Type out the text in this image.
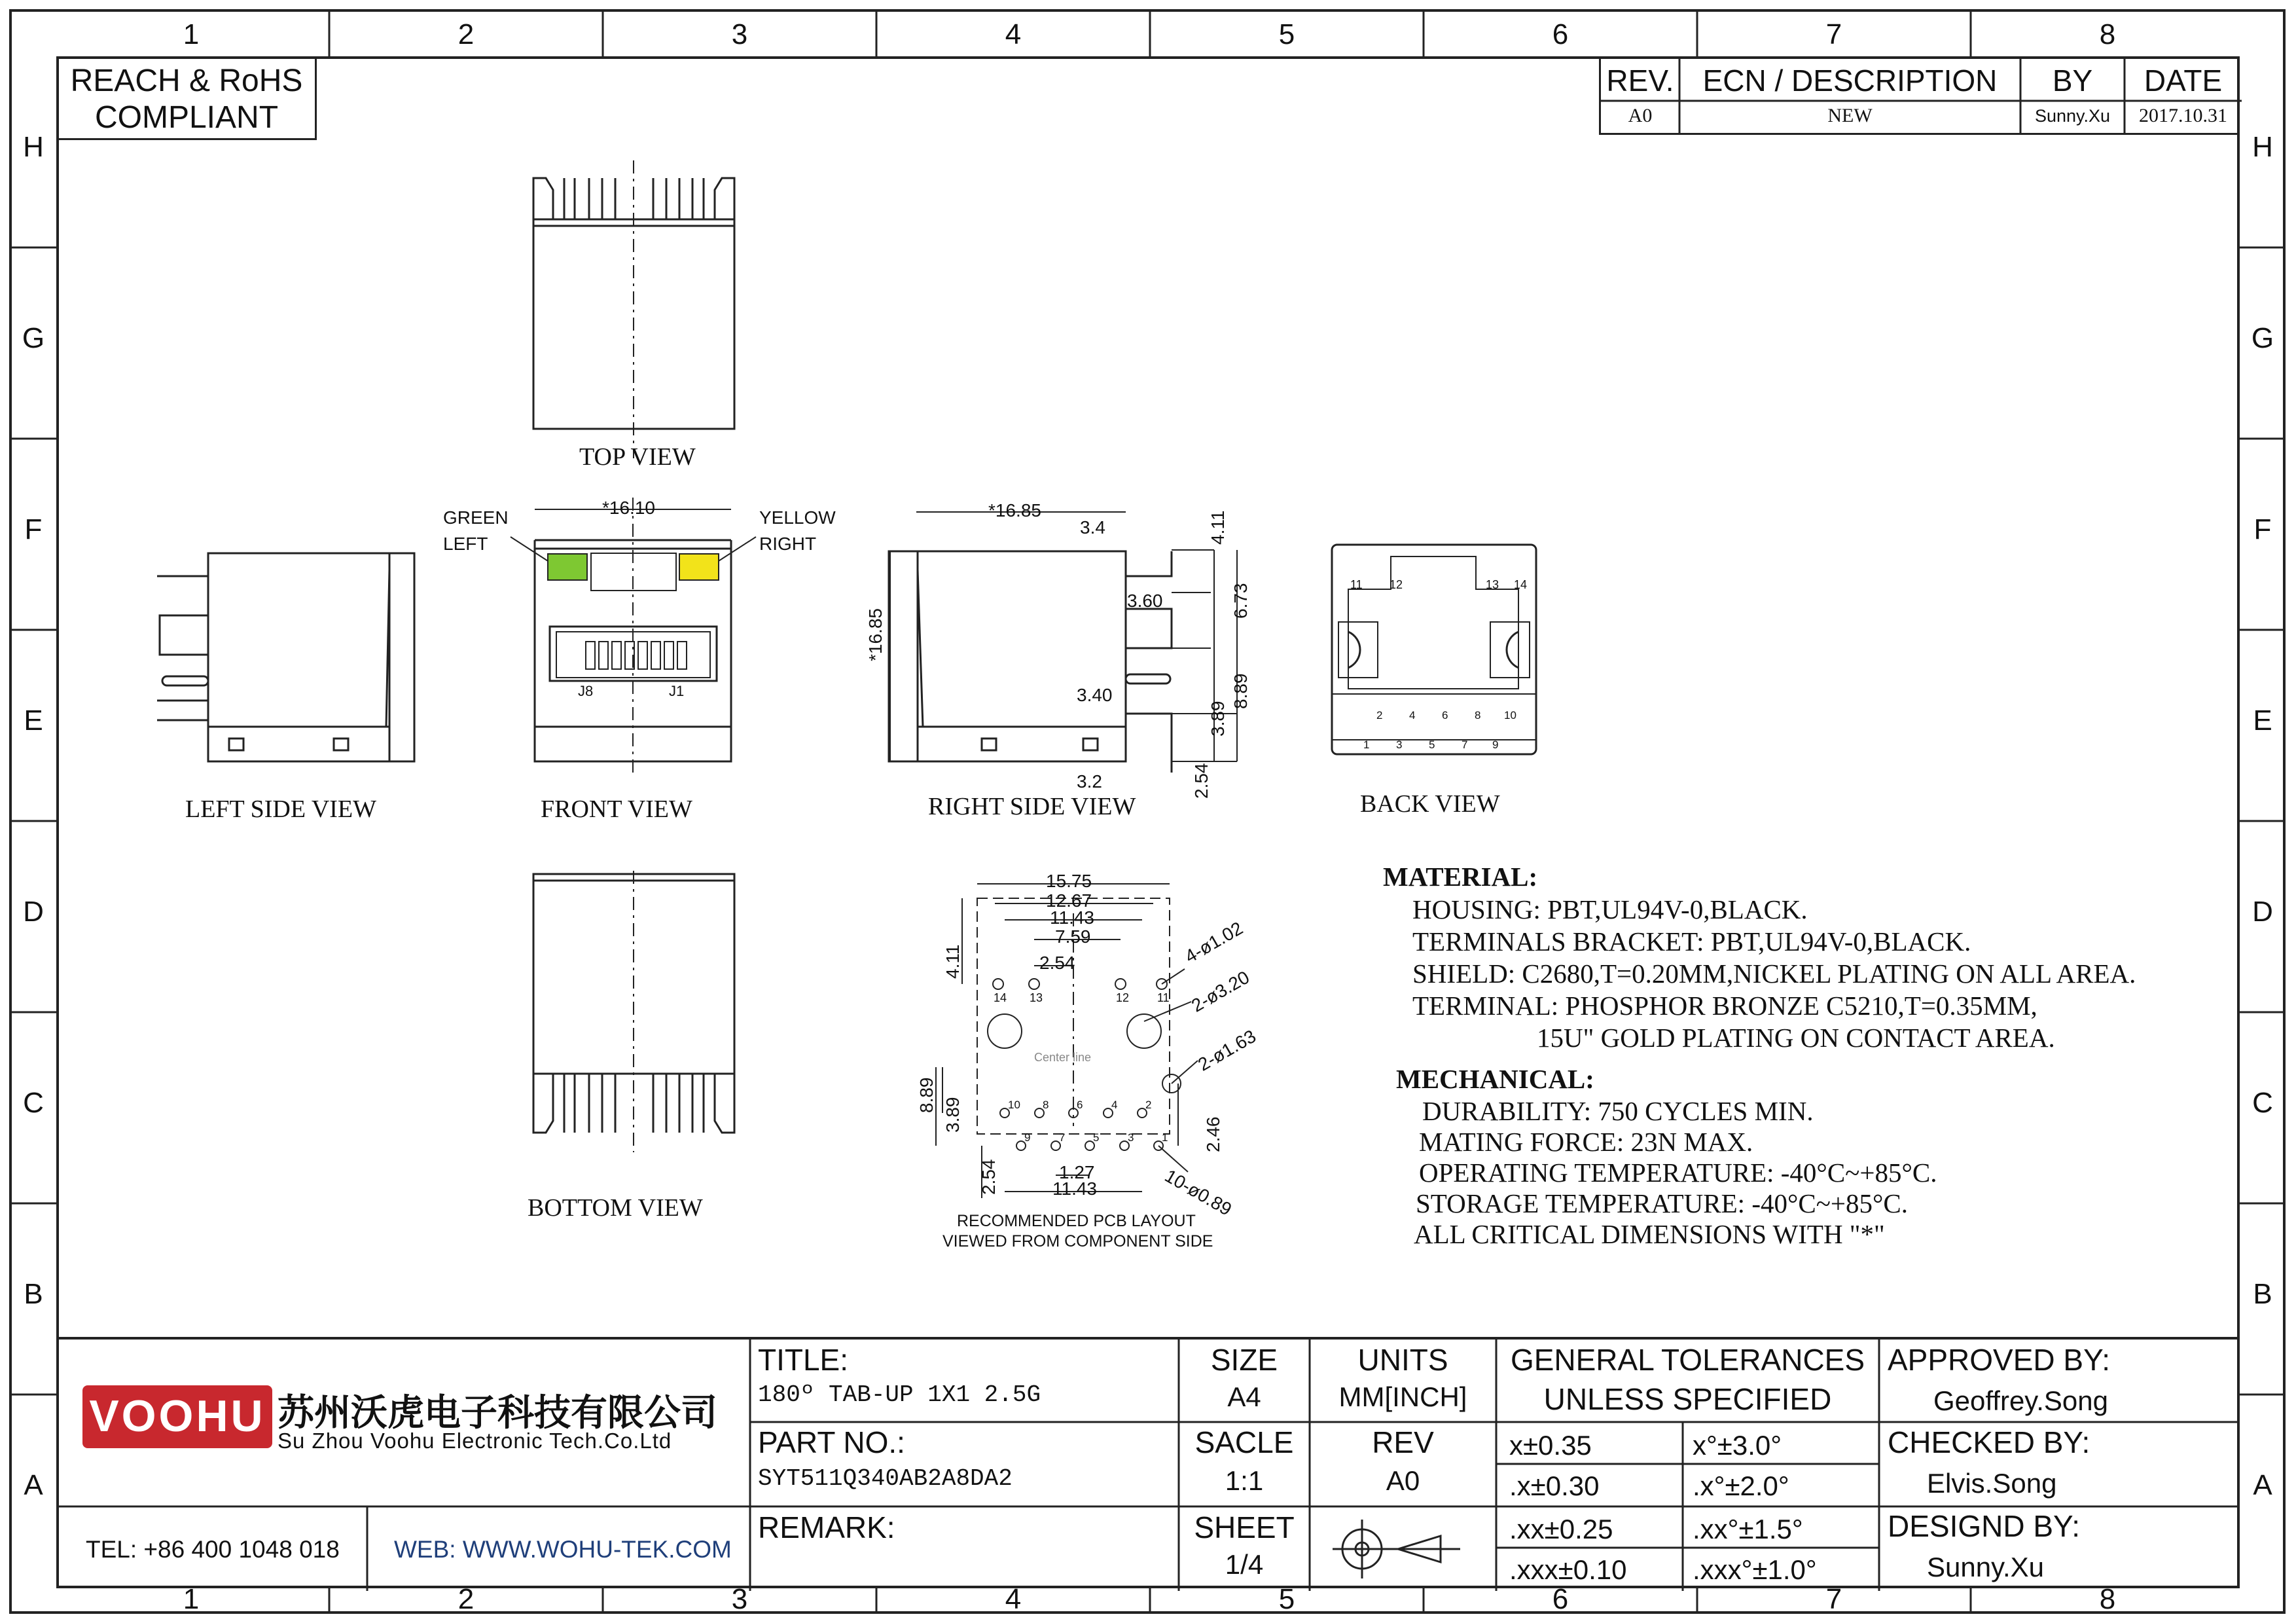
1	2	3	4	5	6	7	8
1	2	3	4	5	6	7	8
H
G
F
E
D
C
B
A
H
G
F
E
D
C
B
A
REACH & RoHS
COMPLIANT
REV. ECN / DESCRIPTION	BY	DATE
A0	NEW	Sunny.Xu	2017.10.31
TOP VIEW
LEFT SIDE VIEW	FRONT VIEW	RIGHT SIDE VIEW	BACK VIEW
BOTTOM VIEW
GREEN
LEFT
YELLOW
RIGHT
*16.10
J8	J1
*16.85
*16.85
3.4
3.60
3.40
3.2
4.11
6.73
3.89
8.89
2.54
11 12	13 14
2 4 6 8 10
1 3 5 7 9
15.75
12.67
11.43
7.59
2.54
4.11	4-ø1.02
2-ø3.20
2-ø1.63
10-ø0.89
8.89
3.89
2.54	1.27
11.43
2.46
Center line
14 13	12 11
10 8	6	4	2
9	7	5	3	1
RECOMMENDED PCB LAYOUT
VIEWED FROM COMPONENT SIDE
MATERIAL:
HOUSING: PBT,UL94V-0,BLACK.
TERMINALS BRACKET: PBT,UL94V-0,BLACK.
SHIELD: C2680,T=0.20MM,NICKEL PLATING ON ALL AREA.
TERMINAL: PHOSPHOR BRONZE C5210,T=0.35MM,
15U" GOLD PLATING ON CONTACT AREA.
MECHANICAL:
DURABILITY: 750 CYCLES MIN.
MATING FORCE: 23N MAX.
OPERATING TEMPERATURE: -40°C~+85°C.
STORAGE TEMPERATURE: -40°C~+85°C.
ALL CRITICAL DIMENSIONS WITH "*"
VOOHU 苏州沃虎电子科技有限公司
Su Zhou Voohu Electronic Tech.Co.Ltd
TEL: +86 400 1048 018 WEB: WWW.WOHU-TEK.COM
TITLE:
180º TAB-UP 1X1 2.5G
PART NO.:
SYT511Q340AB2A8DA2
REMARK:
SIZE
A4
SACLE
1:1
SHEET
1/4
UNITS
MM[INCH]
REV
A0
GENERAL TOLERANCES
UNLESS SPECIFIED
x±0.35	x°±3.0°
.x±0.30	.x°±2.0°
.xx±0.25	.xx°±1.5°
.xxx±0.10 .xxx°±1.0°
APPROVED BY:
Geoffrey.Song
CHECKED BY:
Elvis.Song
DESIGND BY:
Sunny.Xu
